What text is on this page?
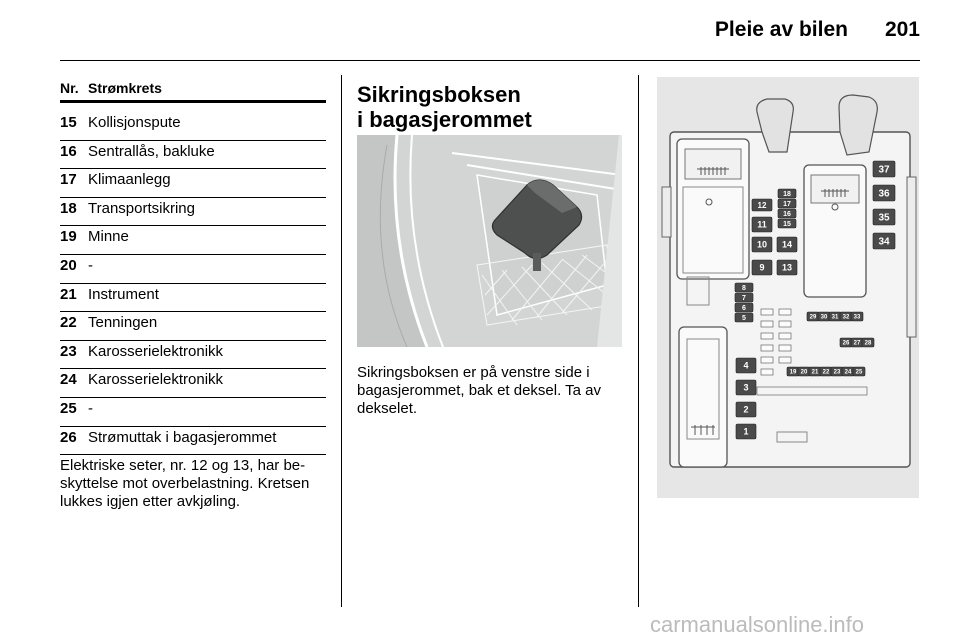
Pleie av bilen 201
Nr. Strømkrets
15 Kollisjonspute
16 Sentrallås, bakluke
17 Klimaanlegg
18 Transportsikring
19 Minne
20 -
21 Instrument
22 Tenningen
23 Karosserielektronikk
24 Karosserielektronikk
25 -
26 Strømuttak i bagasjerommet
Elektriske seter, nr. 12 og 13, har be-skyttelse mot overbelastning. Kretsen lukkes igjen etter avkjøling.
Sikringsboksen
i bagasjerommet
Sikringsboksen er på venstre side i bagasjerommet, bak et deksel. Ta av dekselet.
37
36
35
34
18
17
16
15
12
11
10 14
9 13
8
7
6
5
4
3
2
1
29 30 31 32 33
26 27 28
19 20 21 22 23 24 25
carmanualsonline.info
